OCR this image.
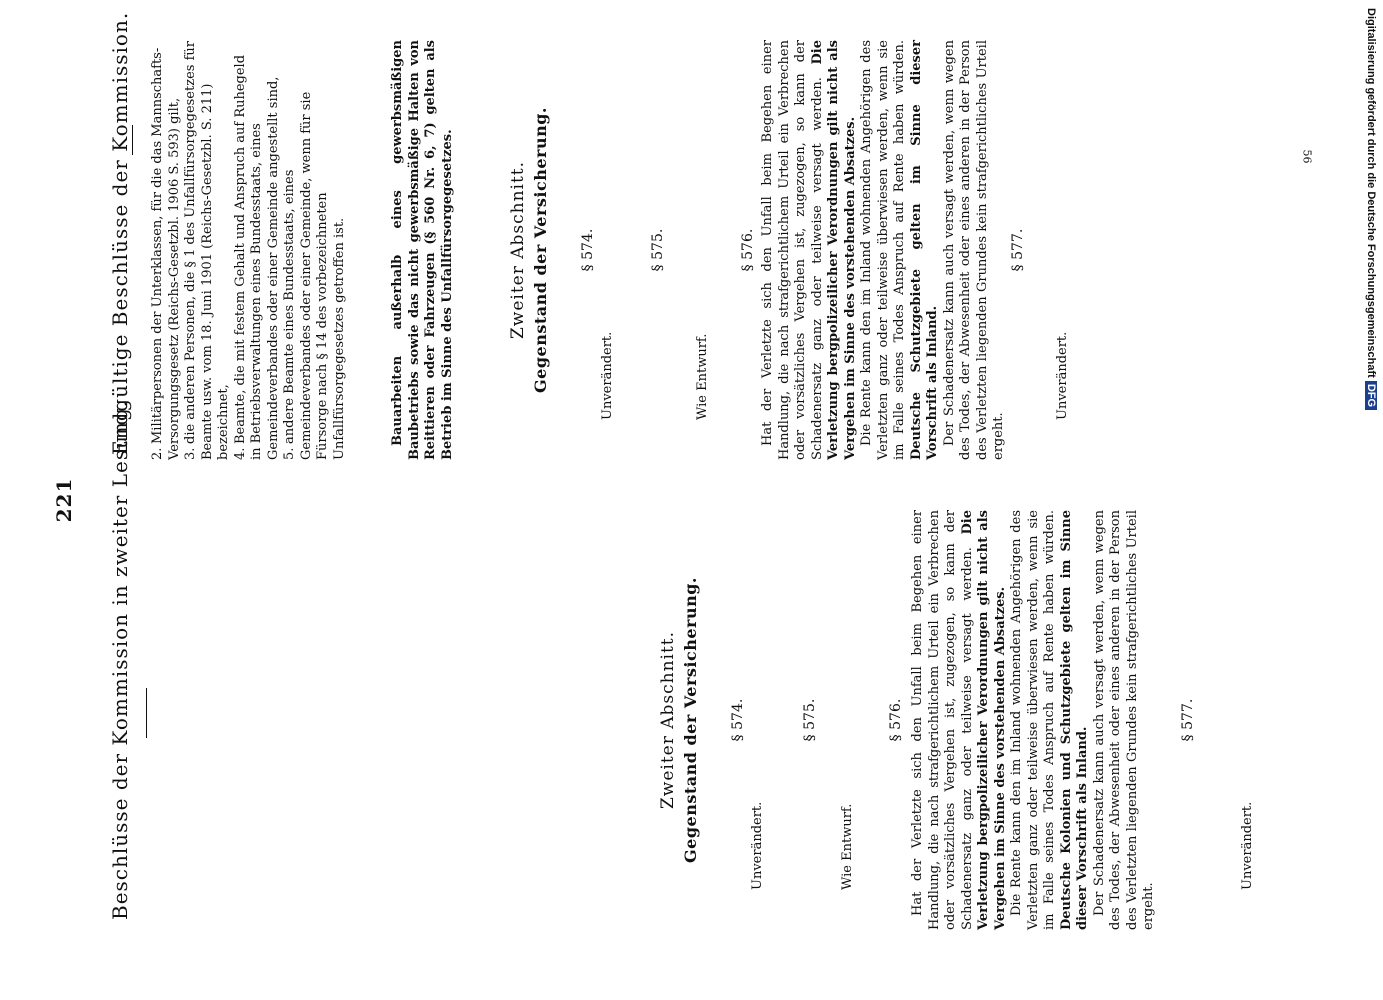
221 Beschlüsse der Kommission in zweiter Lesung.
Endgültige Beschlüsse der Kommission.
Zweiter Abschnitt. Gegenstand der Versicherung. § 574.
Unverändert.
§ 575.
Wie Entwurf.
§ 576. Hat der Verletzte sich den Unfall beim Begehen einer Handlung, die nach strafgerichtlichem Urteil ein Verbrechen oder vorsätzliches Vergehen ist, zugezogen, so kann der Schadenersatz ganz oder teilweise versagt werden. Die Verletzung bergpolizeilicher Verordnungen gilt nicht als Vergehen im Sinne des vorstehenden Absatzes. Die Rente kann den im Inland wohnenden Angehörigen des Verletzten ganz oder teilweise überwiesen werden, wenn sie im Falle seines Todes Anspruch auf Rente haben würden. Deutsche Kolonien und Schutzgebiete gelten im Sinne dieser Vorschrift als Inland. Der Schadenersatz kann auch versagt werden, wenn wegen des Todes, der Abwesenheit oder eines anderen in der Person des Verletzten liegenden Grundes kein strafgerichtliches Urteil ergeht.

§ 577.
Unverändert.
2.Militärpersonen der Unterklassen, für die das Mannschafts-Versorgungsgesetz (Reichs-Gesetzbl. 1906 S. 593) gilt, 3.die anderen Personen, die § 1 des Unfallfürsorgegesetzes für Beamte usw. vom 18. Juni 1901 (Reichs-Gesetzbl. S. 211) bezeichnet, 4.Beamte, die mit festem Gehalt und Anspruch auf Ruhegeld in Betriebsverwaltungen eines Bundesstaats, eines Gemeindeverbandes oder einer Gemeinde angestellt sind, 5.andere Beamte eines Bundesstaats, eines Gemeindeverbandes oder einer Gemeinde, wenn für sie Fürsorge nach § 14 des vorbezeichneten Unfallfürsorgegesetzes getroffen ist.	Bauarbeiten außerhalb eines gewerbsmäßigen Baubetriebs sowie das nicht gewerbsmäßige Halten von Reittieren oder Fahrzeugen (§ 560 Nr. 6, 7) gelten als Betrieb im Sinne des Unfallfürsorgegesetzes.	Zweiter Abschnitt. Gegenstand der Versicherung. § 574.
Unverändert.
§ 575.
Wie Entwurf.
§ 576. Hat der Verletzte sich den Unfall beim Begehen einer Handlung, die nach strafgerichtlichem Urteil ein Verbrechen oder vorsätzliches Vergehen ist, zugezogen, so kann der Schadenersatz ganz oder teilweise versagt werden. Die Verletzung bergpolizeilicher Verordnungen gilt nicht als Vergehen im Sinne des vorstehenden Absatzes. Die Rente kann den im Inland wohnenden Angehörigen des Verletzten ganz oder teilweise überwiesen werden, wenn sie im Falle seines Todes Anspruch auf Rente haben würden. Deutsche Schutzgebiete gelten im Sinne dieser Vorschrift als Inland. Der Schadenersatz kann auch versagt werden, wenn wegen des Todes, der Abwesenheit oder eines anderen in der Person des Verletzten liegenden Grundes kein strafgerichtliches Urteil ergeht.

§ 577.
Unverändert.
56	Digitalisierung gefördert durch die Deutsche Forschungsgemeinschaft DFG
